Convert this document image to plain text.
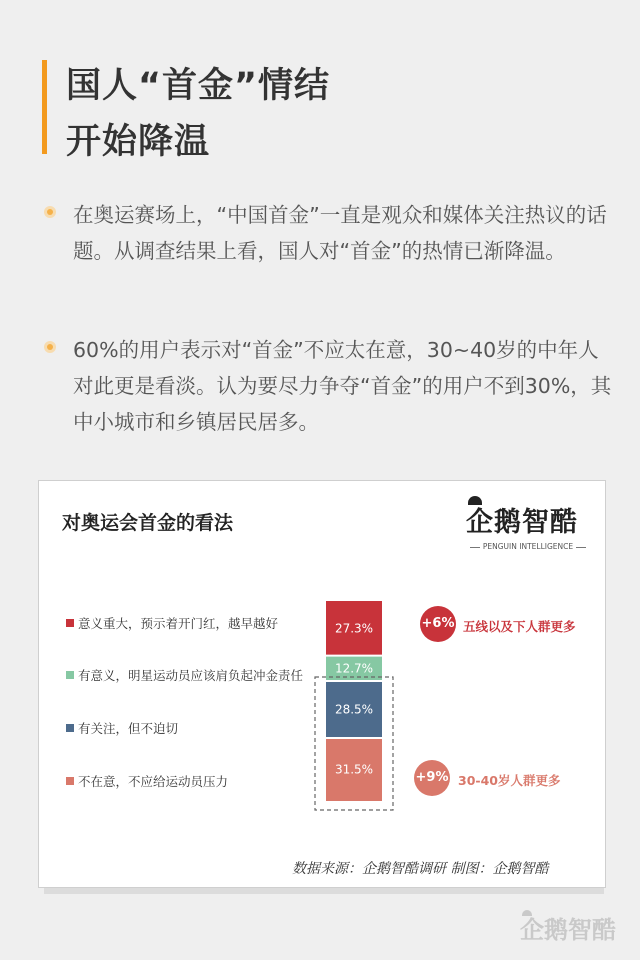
国人“首金”情结
开始降温
在奥运赛场上，“中国首金”一直是观众和媒体关注热议的话题。从调查结果上看，国人对“首金”的热情已渐降温。
60%的用户表示对“首金”不应太在意，30~40岁的中年人对此更是看淡。认为要尽力争夺“首金”的用户不到30%，其中小城市和乡镇居民居多。
对奥运会首金的看法	企鹅智酷
PENGUIN INTELLIGENCE
意义重大，预示着开门红，越早越好
有意义，明星运动员应该肩负起冲金责任
有关注，但不迫切
不在意，不应给运动员压力
27.3%
12.7%
28.5%
31.5%
+6% 五线以及下人群更多
+9% 30-40岁人群更多
数据来源：企鹅智酷调研 制图：企鹅智酷
企鹅智酷
